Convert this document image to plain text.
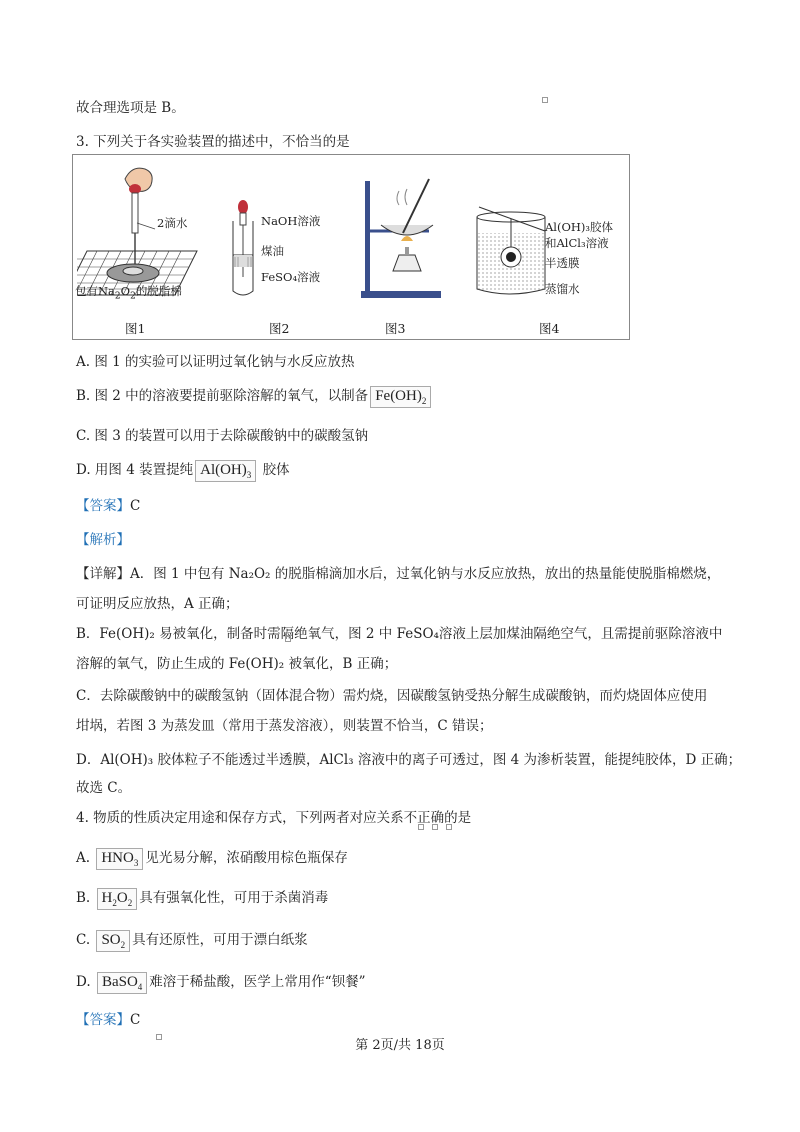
故合理选项是 B。
3. 下列关于各实验装置的描述中，不恰当的是
2滴水
包有$Na_2O_2$的脱脂棉
图1
NaOH溶液
煤油
FeSO₄溶液
图2	图3
Al(OH)₃胶体
和AlCl₃溶液
半透膜
蒸馏水
图4
A. 图 1 的实验可以证明过氧化钠与水反应放热
B. 图 2 中的溶液要提前驱除溶解的氧气，以制备 $Fe(OH)_2$
C. 图 3 的装置可以用于去除碳酸钠中的碳酸氢钠
D. 用图 4 装置提纯 $Al(OH)_3$ 胶体
【答案】C
【解析】
【详解】A．图 1 中包有 Na₂O₂ 的脱脂棉滴加水后，过氧化钠与水反应放热，放出的热量能使脱脂棉燃烧，
可证明反应放热，A 正确；
B．Fe(OH)₂ 易被氧化，制备时需隔绝氧气，图 2 中 FeSO₄溶液上层加煤油隔绝空气，且需提前驱除溶液中
溶解的氧气，防止生成的 Fe(OH)₂ 被氧化，B 正确；
C．去除碳酸钠中的碳酸氢钠（固体混合物）需灼烧，因碳酸氢钠受热分解生成碳酸钠，而灼烧固体应使用
坩埚，若图 3 为蒸发皿（常用于蒸发溶液），则装置不恰当，C 错误；
D．Al(OH)₃ 胶体粒子不能透过半透膜，AlCl₃ 溶液中的离子可透过，图 4 为渗析装置，能提纯胶体，D 正确；
故选 C。
4. 物质的性质决定用途和保存方式，下列两者对应关系不正确的是
A. $HNO_3$ 见光易分解，浓硝酸用棕色瓶保存
B. $H_2O_2$ 具有强氧化性，可用于杀菌消毒
C. $SO_2$ 具有还原性，可用于漂白纸浆
D. BaSO$_4$ 难溶于稀盐酸，医学上常用作“钡餐”
【答案】C
第 2页/共 18页
